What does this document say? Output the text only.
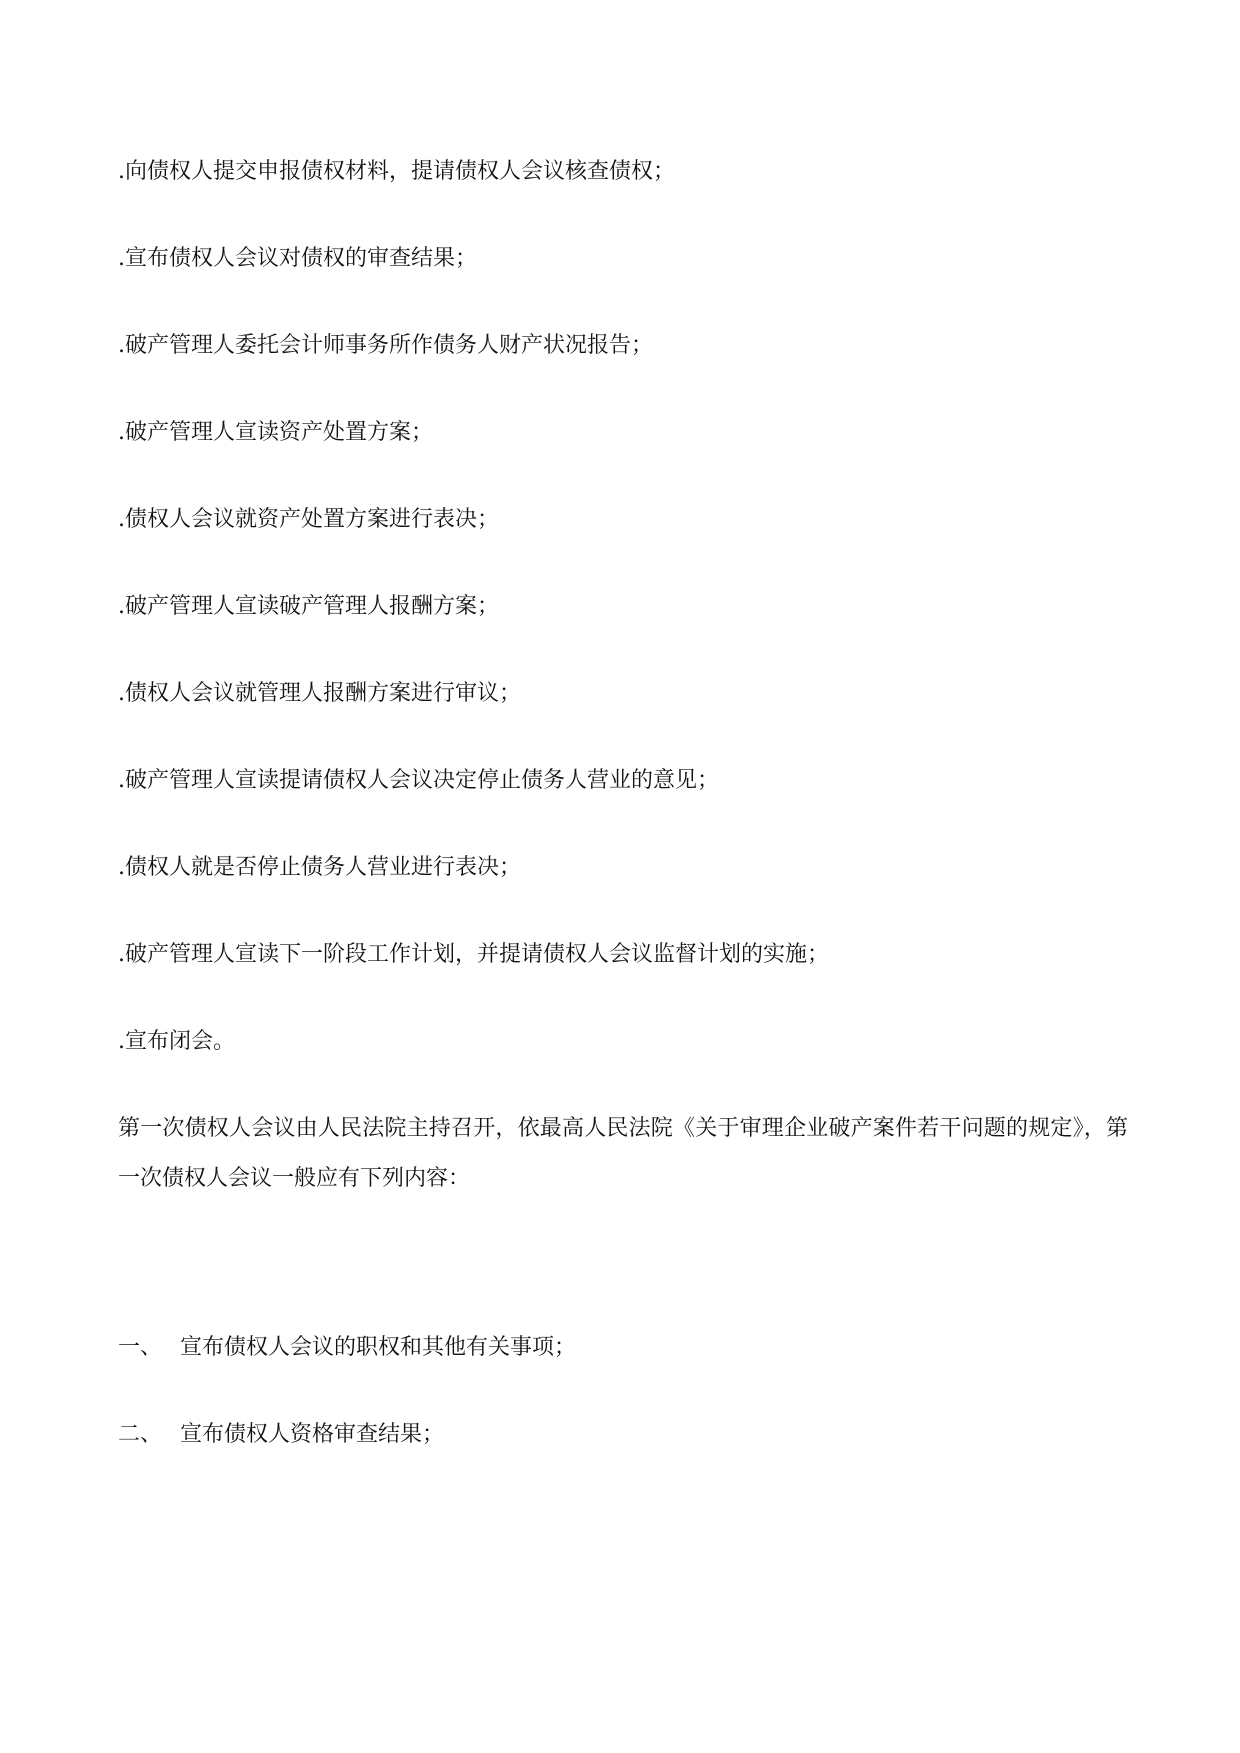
.向债权人提交申报债权材料，提请债权人会议核查债权；
.宣布债权人会议对债权的审查结果；
.破产管理人委托会计师事务所作债务人财产状况报告；
.破产管理人宣读资产处置方案；
.债权人会议就资产处置方案进行表决；
.破产管理人宣读破产管理人报酬方案；
.债权人会议就管理人报酬方案进行审议；
.破产管理人宣读提请债权人会议决定停止债务人营业的意见；
.债权人就是否停止债务人营业进行表决；
.破产管理人宣读下一阶段工作计划，并提请债权人会议监督计划的实施；
.宣布闭会。
第一次债权人会议由人民法院主持召开，依最高人民法院《关于审理企业破产案件若干问题的规定》，第一次债权人会议一般应有下列内容：
一、 宣布债权人会议的职权和其他有关事项；
二、 宣布债权人资格审查结果；
